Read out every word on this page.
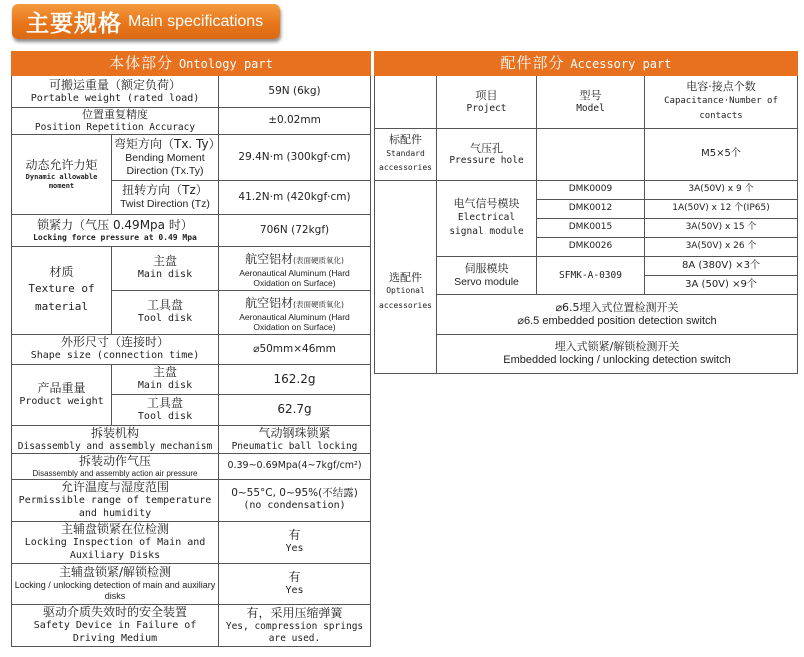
主要规格 Main specifications
本体部分 Ontology part		

可搬运重量（额定负荷）
Portable weight (rated load)		59N (6kg)

位置重复精度
Position Repetition Accuracy		±0.02mm

动态允许力矩
Dynamic allowable moment	弯矩方向（Tx. Ty）
Bending Moment Direction (Tx.Ty)	29.4N·m (300kgf·cm)

	扭转方向（Tz）
Twist Direction (Tz)	41.2N·m (420kgf·cm)

锁紧力（气压 0.49Mpa 时）
Locking force pressure at 0.49 Mpa		706N (72kgf)

材质
Texture of material	主盘
Main disk	航空铝材(表面硬质氧化)
Aeronautical Aluminum (Hard Oxidation on Surface)

	工具盘
Tool disk	航空铝材(表面硬质氧化)
Aeronautical Aluminum (Hard Oxidation on Surface)

外形尺寸（连接时）
Shape size (connection time)		⌀50mm×46mm

产品重量
Product weight	主盘
Main disk	162.2g

	工具盘
Tool disk	62.7g

拆装机构
Disassembly and assembly mechanism		气动钢珠锁紧
Pneumatic ball locking

拆装动作气压
Disassembly and assembly action air pressure		0.39~0.69Mpa(4~7kgf/cm²)

允许温度与湿度范围
Permissible range of temperature and humidity		0~55°C, 0~95%(不结露)
(no condensation)

主辅盘锁紧在位检测
Locking Inspection of Main and Auxiliary Disks		有
Yes

主辅盘锁紧/解锁检测
Locking / unlocking detection of main and auxiliary disks		有
Yes

驱动介质失效时的安全装置
Safety Device in Failure of Driving Medium		有，采用压缩弹簧
Yes, compression springs are used.
配件部分 Accessory part			

	项目
Project	型号
Model	电容·接点个数
Capacitance·Number of contacts

标配件
Standard accessories	气压孔
Pressure hole		M5×5个

选配件
Optional accessories	电气信号模块
Electrical signal module	DMK0009	3A(50V) x 9 个
		DMK0012	1A(50V) x 12 个(IP65)
		DMK0015	3A(50V) x 15 个
		DMK0026	3A(50V) x 26 个

	伺服模块
Servo module	SFMK-A-0309	8A (380V) ×3个
			3A (50V) ×9个

	⌀6.5埋入式位置检测开关
⌀6.5 embedded position detection switch		

	埋入式锁紧/解锁检测开关
Embedded locking / unlocking detection switch		
